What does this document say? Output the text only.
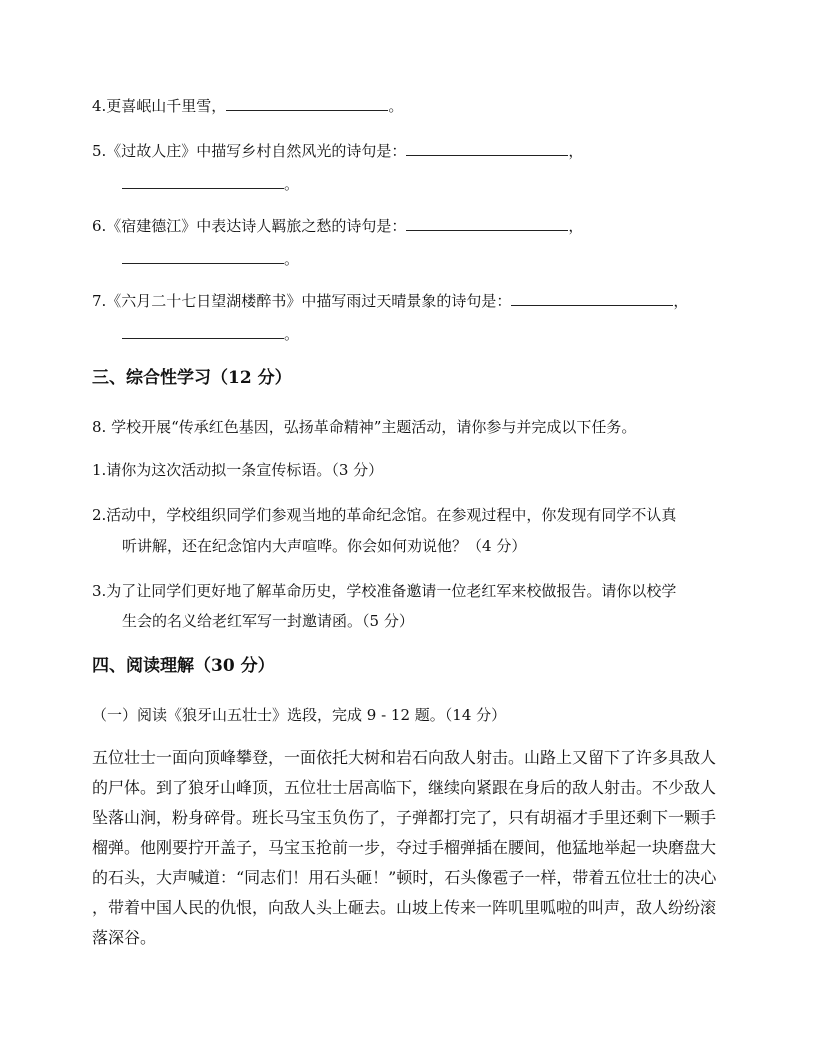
4.更喜岷山千里雪，	。
5.《过故人庄》中描写乡村自然风光的诗句是：	，
。
6.《宿建德江》中表达诗人羁旅之愁的诗句是：	，
。
7.《六月二十七日望湖楼醉书》中描写雨过天晴景象的诗句是：	，
。
三、综合性学习（12 分）
8. 学校开展“传承红色基因，弘扬革命精神”主题活动，请你参与并完成以下任务。
1.请你为这次活动拟一条宣传标语。（3 分）
2.活动中，学校组织同学们参观当地的革命纪念馆。在参观过程中，你发现有同学不认真
听讲解，还在纪念馆内大声喧哗。你会如何劝说他？（4 分）
3.为了让同学们更好地了解革命历史，学校准备邀请一位老红军来校做报告。请你以校学
生会的名义给老红军写一封邀请函。（5 分）
四、阅读理解（30 分）
（一）阅读《狼牙山五壮士》选段，完成 9 - 12 题。（14 分）
五位壮士一面向顶峰攀登，一面依托大树和岩石向敌人射击。山路上又留下了许多具敌人
的尸体。到了狼牙山峰顶，五位壮士居高临下，继续向紧跟在身后的敌人射击。不少敌人
坠落山涧，粉身碎骨。班长马宝玉负伤了，子弹都打完了，只有胡福才手里还剩下一颗手
榴弹。他刚要拧开盖子，马宝玉抢前一步，夺过手榴弹插在腰间，他猛地举起一块磨盘大
的石头，大声喊道：“同志们！用石头砸！”顿时，石头像雹子一样，带着五位壮士的决心
，带着中国人民的仇恨，向敌人头上砸去。山坡上传来一阵叽里呱啦的叫声，敌人纷纷滚
落深谷。
